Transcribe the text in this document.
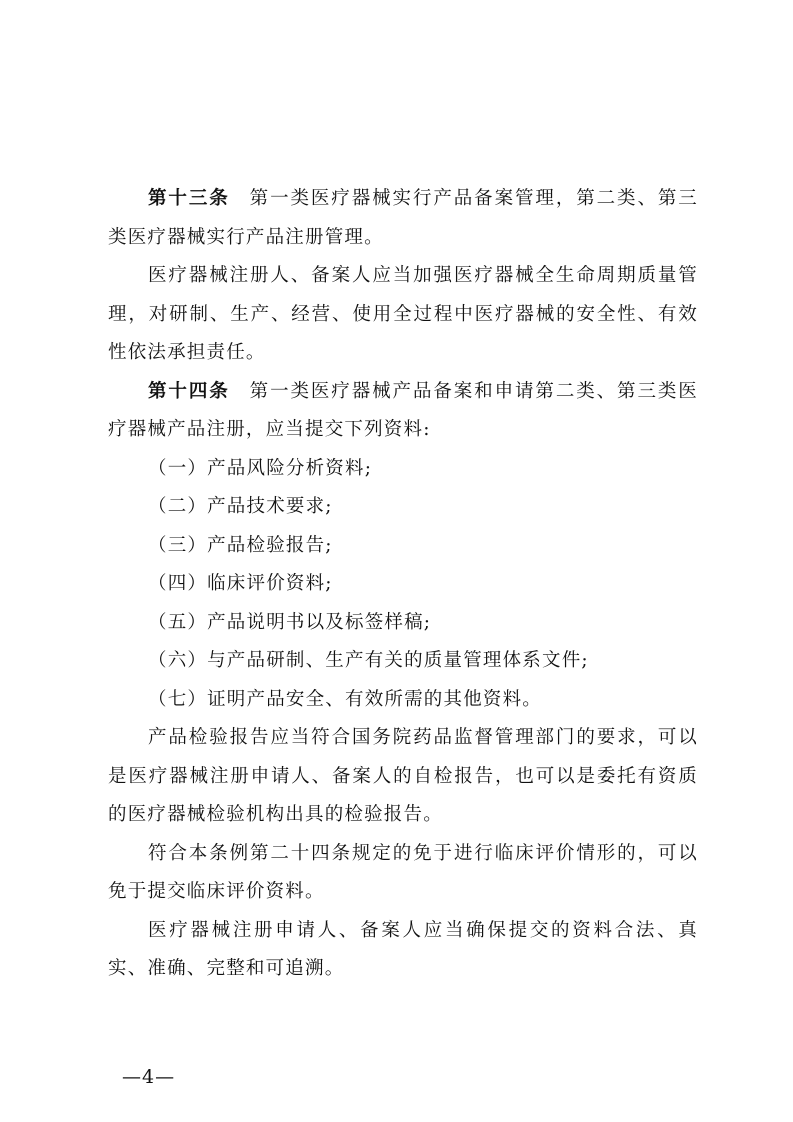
第十三条 第一类医疗器械实行产品备案管理，第二类、第三类医疗器械实行产品注册管理。

医疗器械注册人、备案人应当加强医疗器械全生命周期质量管理，对研制、生产、经营、使用全过程中医疗器械的安全性、有效性依法承担责任。

第十四条 第一类医疗器械产品备案和申请第二类、第三类医疗器械产品注册，应当提交下列资料:

（一）产品风险分析资料;

（二）产品技术要求;

（三）产品检验报告;

（四）临床评价资料;

（五）产品说明书以及标签样稿;

（六）与产品研制、生产有关的质量管理体系文件;

（七）证明产品安全、有效所需的其他资料。

产品检验报告应当符合国务院药品监督管理部门的要求，可以是医疗器械注册申请人、备案人的自检报告，也可以是委托有资质的医疗器械检验机构出具的检验报告。

符合本条例第二十四条规定的免于进行临床评价情形的，可以免于提交临床评价资料。

医疗器械注册申请人、备案人应当确保提交的资料合法、真实、准确、完整和可追溯。

—4—
